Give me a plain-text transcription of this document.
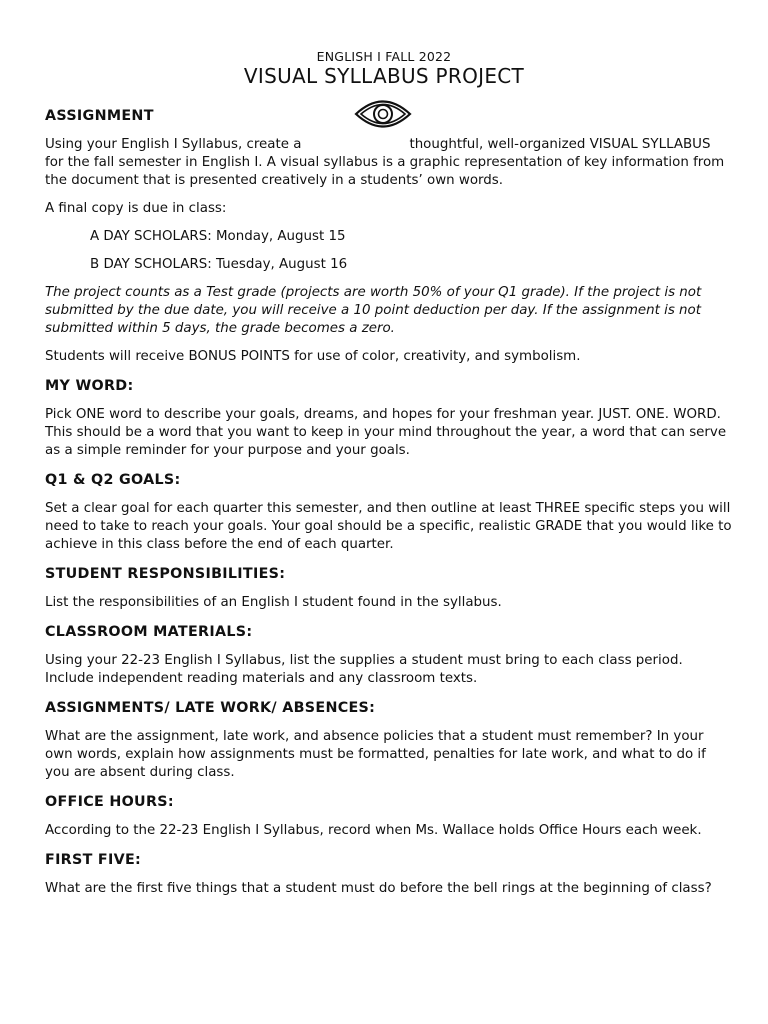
ENGLISH I FALL 2022
VISUAL SYLLABUS PROJECT
ASSIGNMENT

Using your English I Syllabus, create a	thoughtful, well-organized VISUAL SYLLABUS for the fall semester in English I. A visual syllabus is a graphic representation of key information from the document that is presented creatively in a students’ own words.

A final copy is due in class:

A DAY SCHOLARS: Monday, August 15

B DAY SCHOLARS: Tuesday, August 16

The project counts as a Test grade (projects are worth 50% of your Q1 grade). If the project is not submitted by the due date, you will receive a 10 point deduction per day. If the assignment is not submitted within 5 days, the grade becomes a zero.

Students will receive BONUS POINTS for use of color, creativity, and symbolism.

MY WORD:

Pick ONE word to describe your goals, dreams, and hopes for your freshman year. JUST. ONE. WORD. This should be a word that you want to keep in your mind throughout the year, a word that can serve as a simple reminder for your purpose and your goals.

Q1 & Q2 GOALS:

Set a clear goal for each quarter this semester, and then outline at least THREE specific steps you will need to take to reach your goals. Your goal should be a specific, realistic GRADE that you would like to achieve in this class before the end of each quarter.

STUDENT RESPONSIBILITIES:

List the responsibilities of an English I student found in the syllabus.

CLASSROOM MATERIALS:

Using your 22-23 English I Syllabus, list the supplies a student must bring to each class period. Include independent reading materials and any classroom texts.

ASSIGNMENTS/ LATE WORK/ ABSENCES:

What are the assignment, late work, and absence policies that a student must remember? In your own words, explain how assignments must be formatted, penalties for late work, and what to do if you are absent during class.

OFFICE HOURS:

According to the 22-23 English I Syllabus, record when Ms. Wallace holds Office Hours each week.

FIRST FIVE:

What are the first five things that a student must do before the bell rings at the beginning of class?
